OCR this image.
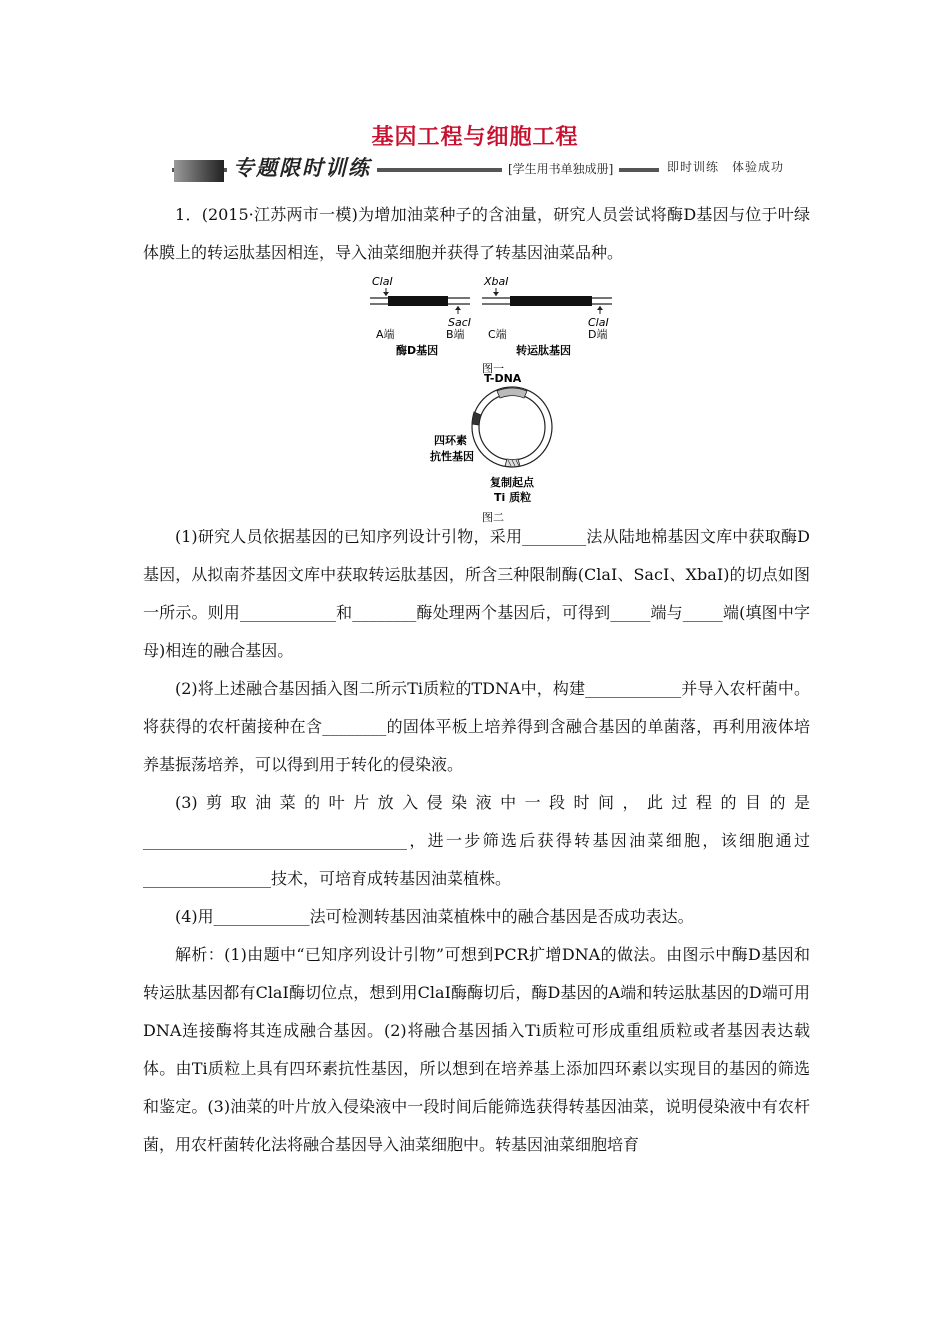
基因工程与细胞工程
专题限时训练	[学生用书单独成册]	即时训练　体验成功

1．(2015·江苏两市一模)为增加油菜种子的含油量，研究人员尝试将酶D基因与位于叶绿体膜上的转运肽基因相连，导入油菜细胞并获得了转基因油菜品种。

ClaⅠ
SacⅠ
A端	B端
酶D基因
XbaⅠ
ClaⅠ
C端	D端
转运肽基因
图一
T-DNA
四环素
抗性基因
复制起点
Ti 质粒
图二

(1)研究人员依据基因的已知序列设计引物，采用________法从陆地棉基因文库中获取酶D基因，从拟南芥基因文库中获取转运肽基因，所含三种限制酶(ClaⅠ、SacⅠ、XbaⅠ)的切点如图一所示。则用____________和________酶处理两个基因后，可得到_____端与_____端(填图中字母)相连的融合基因。

(2)将上述融合基因插入图二所示Ti质粒的TDNA中，构建____________并导入农杆菌中。将获得的农杆菌接种在含________的固体平板上培养得到含融合基因的单菌落，再利用液体培养基振荡培养，可以得到用于转化的侵染液。

(3)剪取油菜的叶片放入侵染液中一段时间，此过程的目的是_________________________________，进一步筛选后获得转基因油菜细胞，该细胞通过________________技术，可培育成转基因油菜植株。

(4)用____________法可检测转基因油菜植株中的融合基因是否成功表达。

解析：(1)由题中“已知序列设计引物”可想到PCR扩增DNA的做法。由图示中酶D基因和转运肽基因都有ClaⅠ酶切位点，想到用ClaⅠ酶酶切后，酶D基因的A端和转运肽基因的D端可用DNA连接酶将其连成融合基因。(2)将融合基因插入Ti质粒可形成重组质粒或者基因表达载体。由Ti质粒上具有四环素抗性基因，所以想到在培养基上添加四环素以实现目的基因的筛选和鉴定。(3)油菜的叶片放入侵染液中一段时间后能筛选获得转基因油菜，说明侵染液中有农杆菌，用农杆菌转化法将融合基因导入油菜细胞中。转基因油菜细胞培育
